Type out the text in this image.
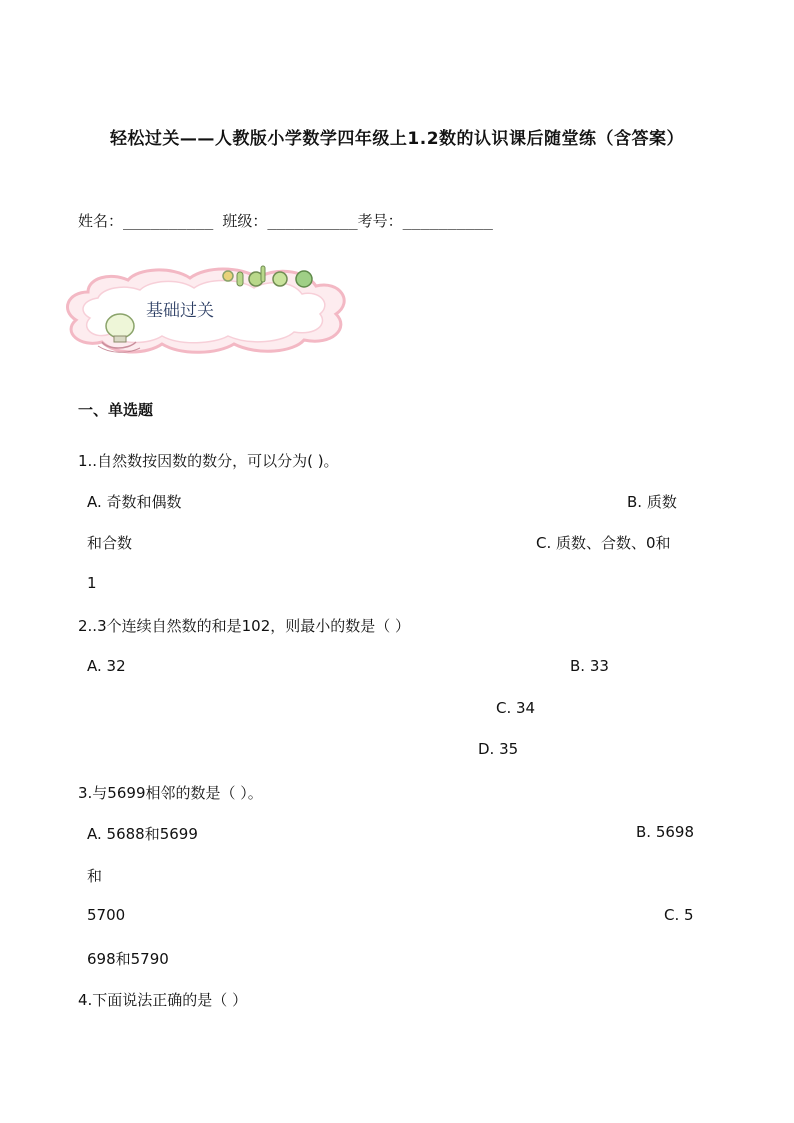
轻松过关——人教版小学数学四年级上1.2数的认识课后随堂练（含答案）
姓名：__________ 班级：__________考号：__________
基础过关
一、单选题
1..自然数按因数的数分，可以分为( )。
A. 奇数和偶数	B. 质数
和合数	C. 质数、合数、0和
1
2..3个连续自然数的和是102，则最小的数是（ ）
A. 32	B. 33
C. 34
D. 35
3.与5699相邻的数是（ ）。
A. 5688和5699	B. 5698
和
5700	C. 5
698和5790
4.下面说法正确的是（ ）
